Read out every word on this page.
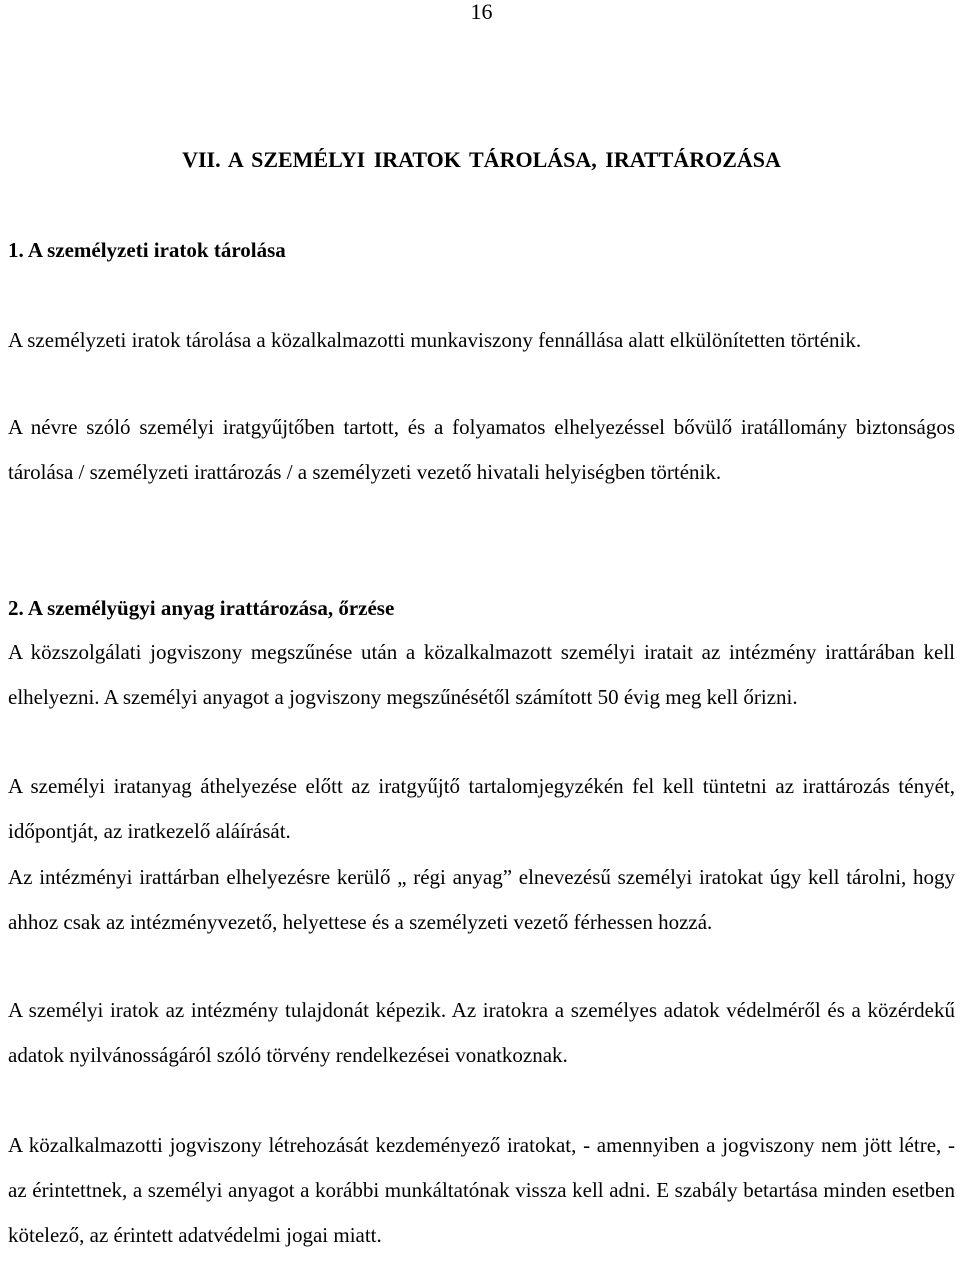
16
VII. A SZEMÉLYI IRATOK TÁROLÁSA, IRATTÁROZÁSA
1. A személyzeti iratok tárolása

A személyzeti iratok tárolása a közalkalmazotti munkaviszony fennállása alatt elkülönítetten történik.

A névre szóló személyi iratgyűjtőben tartott, és a folyamatos elhelyezéssel bővülő iratállomány biztonságos tárolása / személyzeti irattározás / a személyzeti vezető hivatali helyiségben történik.

2. A személyügyi anyag irattározása, őrzése

A közszolgálati jogviszony megszűnése után a közalkalmazott személyi iratait az intézmény irattárában kell elhelyezni. A személyi anyagot a jogviszony megszűnésétől számított 50 évig meg kell őrizni.

A személyi iratanyag áthelyezése előtt az iratgyűjtő tartalomjegyzékén fel kell tüntetni az irattározás tényét, időpontját, az iratkezelő aláírását.

Az intézményi irattárban elhelyezésre kerülő „ régi anyag” elnevezésű személyi iratokat úgy kell tárolni, hogy ahhoz csak az intézményvezető, helyettese és a személyzeti vezető férhessen hozzá.

A személyi iratok az intézmény tulajdonát képezik. Az iratokra a személyes adatok védelméről és a közérdekű adatok nyilvánosságáról szóló törvény rendelkezései vonatkoznak.

A közalkalmazotti jogviszony létrehozását kezdeményező iratokat, - amennyiben a jogviszony nem jött létre, - az érintettnek, a személyi anyagot a korábbi munkáltatónak vissza kell adni. E szabály betartása minden esetben kötelező, az érintett adatvédelmi jogai miatt.
